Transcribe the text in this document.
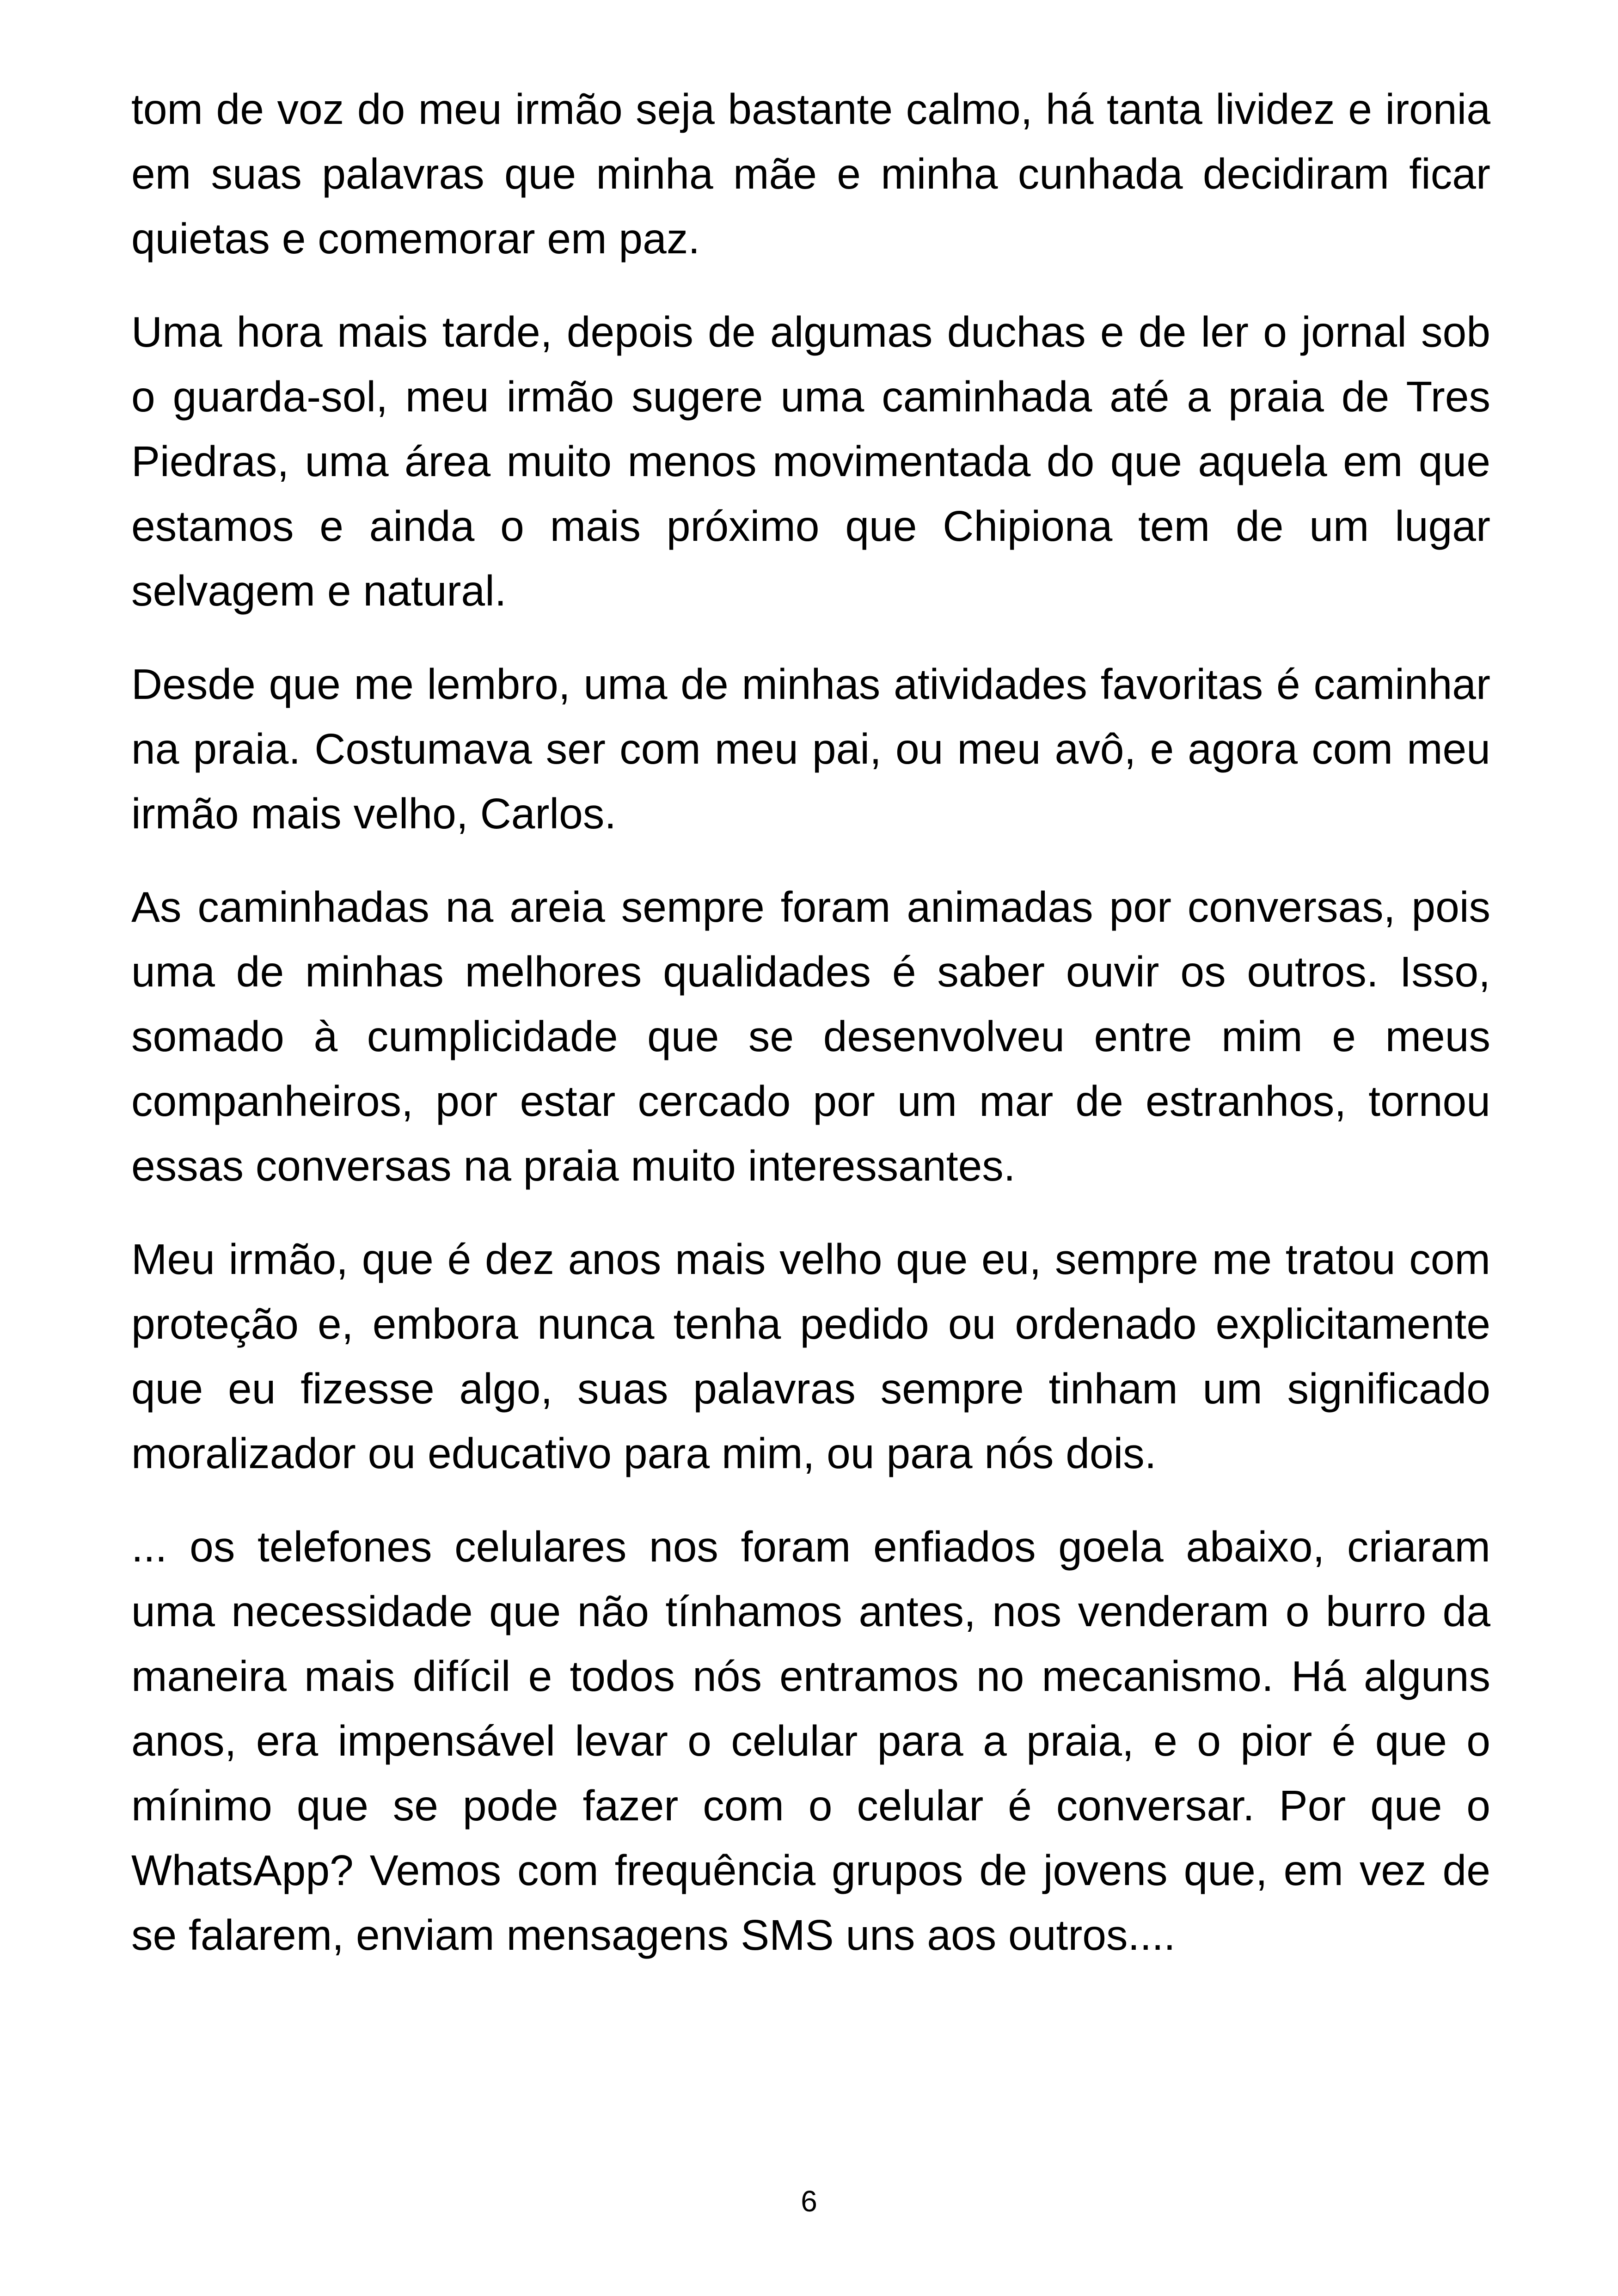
tom de voz do meu irmão seja bastante calmo, há tanta lividez e ironia em suas palavras que minha mãe e minha cunhada decidiram ficar quietas e comemorar em paz.

Uma hora mais tarde, depois de algumas duchas e de ler o jornal sob o guarda-sol, meu irmão sugere uma caminhada até a praia de Tres Piedras, uma área muito menos movimentada do que aquela em que estamos e ainda o mais próximo que Chipiona tem de um lugar selvagem e natural.

Desde que me lembro, uma de minhas atividades favoritas é caminhar na praia. Costumava ser com meu pai, ou meu avô, e agora com meu irmão mais velho, Carlos.

As caminhadas na areia sempre foram animadas por conversas, pois uma de minhas melhores qualidades é saber ouvir os outros. Isso, somado à cumplicidade que se desenvolveu entre mim e meus companheiros, por estar cercado por um mar de estranhos, tornou essas conversas na praia muito interessantes.

Meu irmão, que é dez anos mais velho que eu, sempre me tratou com proteção e, embora nunca tenha pedido ou ordenado explicitamente que eu fizesse algo, suas palavras sempre tinham um significado moralizador ou educativo para mim, ou para nós dois.

... os telefones celulares nos foram enfiados goela abaixo, criaram uma necessidade que não tínhamos antes, nos venderam o burro da maneira mais difícil e todos nós entramos no mecanismo. Há alguns anos, era impensável levar o celular para a praia, e o pior é que o mínimo que se pode fazer com o celular é conversar. Por que o WhatsApp? Vemos com frequência grupos de jovens que, em vez de se falarem, enviam mensagens SMS uns aos outros....

6
